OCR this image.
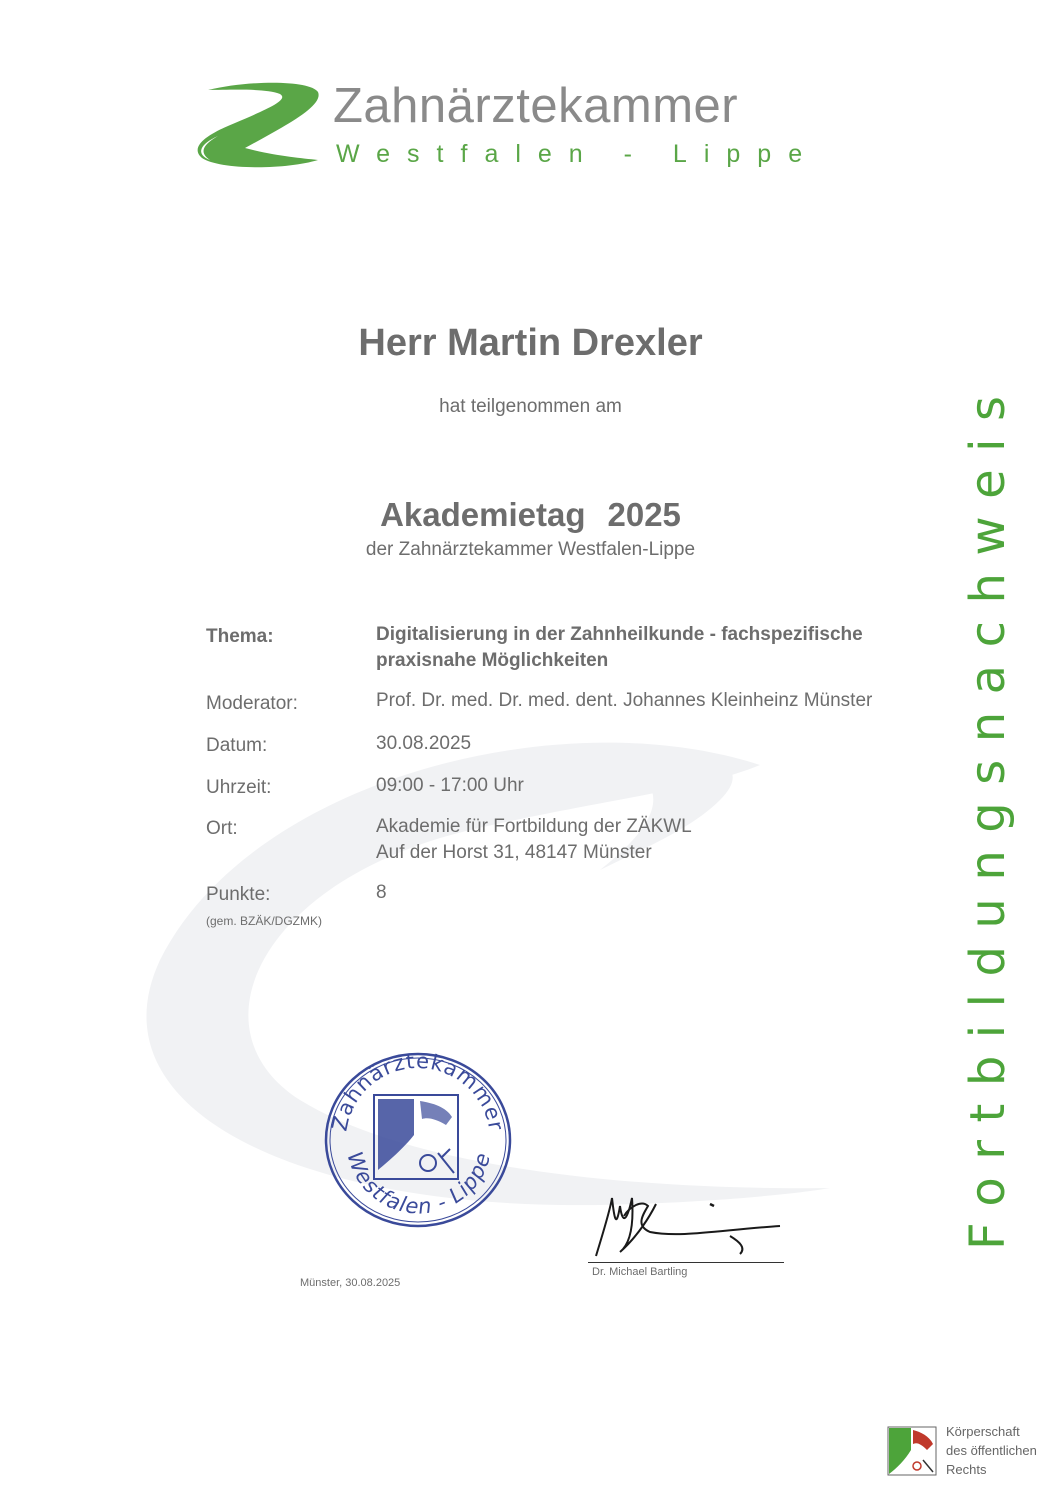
Zahnärztekammer
Westfalen - Lippe
Fortbildungsnachweis
Herr Martin Drexler
hat teilgenommen am
Akademietag 2025
der Zahnärztekammer Westfalen-Lippe
Thema:	Digitalisierung in der Zahnheilkunde - fachspezifische
praxisnahe Möglichkeiten
Moderator:	Prof. Dr. med. Dr. med. dent. Johannes Kleinheinz Münster
Datum:	30.08.2025
Uhrzeit:	09:00 - 17:00 Uhr
Ort:	Akademie für Fortbildung der ZÄKWL
Auf der Horst 31, 48147 Münster
Punkte:	8
(gem. BZÄK/DGZMK)
Zahnärztekammer
Westfalen - Lippe
Münster, 30.08.2025
Dr. Michael Bartling
Körperschaft
des öffentlichen
Rechts
